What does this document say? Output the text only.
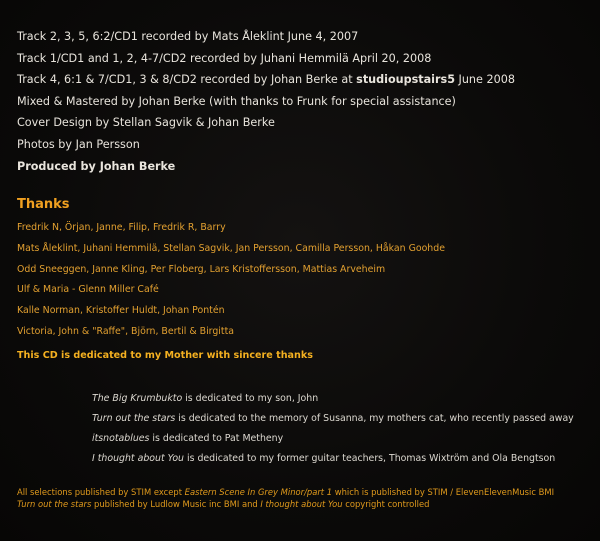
Track 2, 3, 5, 6:2/CD1 recorded by Mats Åleklint June 4, 2007
Track 1/CD1 and 1, 2, 4-7/CD2 recorded by Juhani Hemmilä April 20, 2008
Track 4, 6:1 & 7/CD1, 3 & 8/CD2 recorded by Johan Berke at studioupstairs5 June 2008
Mixed & Mastered by Johan Berke (with thanks to Frunk for special assistance)
Cover Design by Stellan Sagvik & Johan Berke
Photos by Jan Persson
Produced by Johan Berke
Thanks
Fredrik N, Örjan, Janne, Filip, Fredrik R, Barry
Mats Åleklint, Juhani Hemmilä, Stellan Sagvik, Jan Persson, Camilla Persson, Håkan Goohde
Odd Sneeggen, Janne Kling, Per Floberg, Lars Kristoffersson, Mattias Arveheim
Ulf & Maria - Glenn Miller Café
Kalle Norman, Kristoffer Huldt, Johan Pontén
Victoria, John & "Raffe", Björn, Bertil & Birgitta
This CD is dedicated to my Mother with sincere thanks
The Big Krumbukto is dedicated to my son, John
Turn out the stars is dedicated to the memory of Susanna, my mothers cat, who recently passed away
itsnotablues is dedicated to Pat Metheny
I thought about You is dedicated to my former guitar teachers, Thomas Wixtröm and Ola Bengtson
All selections published by STIM except Eastern Scene In Grey Minor/part 1 which is published by STIM / ElevenElevenMusic BMI
Turn out the stars published by Ludlow Music inc BMI and I thought about You copyright controlled
